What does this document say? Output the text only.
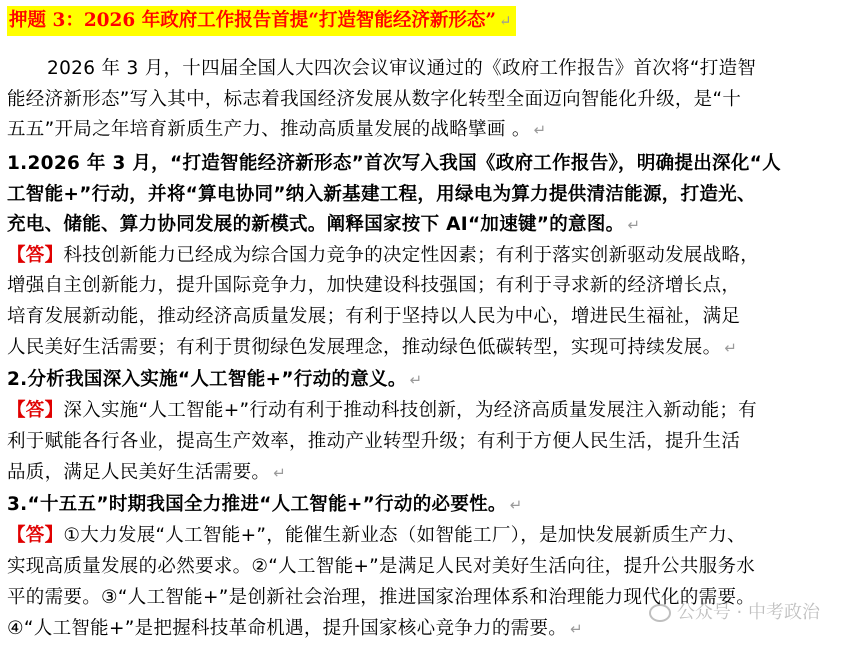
押题 3：2026 年政府工作报告首提“打造智能经济新形态” ↵
2026 年 3 月，十四届全国人大四次会议审议通过的《政府工作报告》首次将“打造智
能经济新形态”写入其中，标志着我国经济发展从数字化转型全面迈向智能化升级，是“十
五五”开局之年培育新质生产力、推动高质量发展的战略擘画 。 ↵
1.2026 年 3 月，“打造智能经济新形态”首次写入我国《政府工作报告》，明确提出深化“人
工智能+”行动，并将“算电协同”纳入新基建工程，用绿电为算力提供清洁能源，打造光、
充电、储能、算力协同发展的新模式。阐释国家按下 AI“加速键”的意图。 ↵
【答】科技创新能力已经成为综合国力竞争的决定性因素；有利于落实创新驱动发展战略，
增强自主创新能力，提升国际竞争力，加快建设科技强国；有利于寻求新的经济增长点，
培育发展新动能，推动经济高质量发展；有利于坚持以人民为中心，增进民生福祉，满足
人民美好生活需要；有利于贯彻绿色发展理念，推动绿色低碳转型，实现可持续发展。 ↵
2.分析我国深入实施“人工智能+”行动的意义。 ↵
【答】深入实施“人工智能+”行动有利于推动科技创新，为经济高质量发展注入新动能；有
利于赋能各行各业，提高生产效率，推动产业转型升级；有利于方便人民生活，提升生活
品质，满足人民美好生活需要。 ↵
3.“十五五”时期我国全力推进“人工智能+”行动的必要性。 ↵
【答】①大力发展“人工智能+”，能催生新业态（如智能工厂），是加快发展新质生产力、
实现高质量发展的必然要求。②“人工智能+”是满足人民对美好生活向往，提升公共服务水
平的需要。③“人工智能+”是创新社会治理，推进国家治理体系和治理能力现代化的需要。
④“人工智能+”是把握科技革命机遇，提升国家核心竞争力的需要。 ↵
公众号 · 中考政治
